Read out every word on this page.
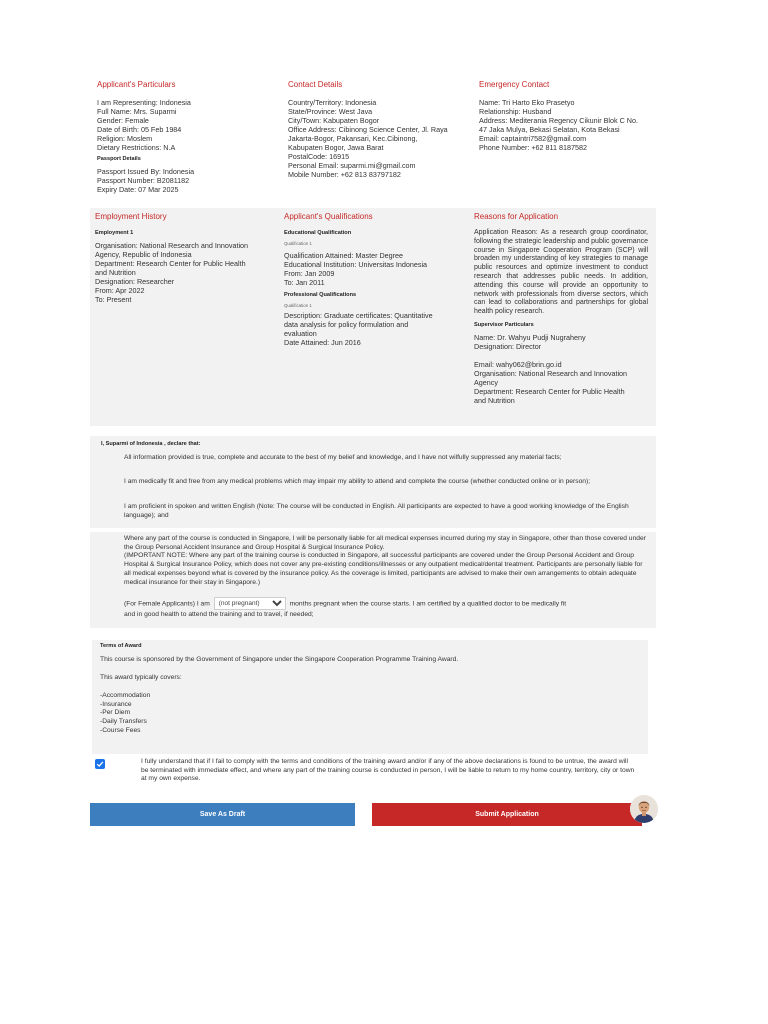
Applicant's Particulars
I am Representing: Indonesia
Full Name: Mrs. Suparmi
Gender: Female
Date of Birth: 05 Feb 1984
Religion: Moslem
Dietary Restrictions: N.A
Passport Details
Passport Issued By: Indonesia
Passport Number: B2081182
Expiry Date: 07 Mar 2025
Contact Details
Country/Territory: Indonesia
State/Province: West Java
City/Town: Kabupaten Bogor
Office Address: Cibinong Science Center, Jl. Raya
Jakarta-Bogor, Pakansari, Kec.Cibinong,
Kabupaten Bogor, Jawa Barat
PostalCode: 16915
Personal Email: suparmi.mi@gmail.com
Mobile Number: +62 813 83797182
Emergency Contact
Name: Tri Harto Eko Prasetyo
Relationship: Husband
Address: Mediterania Regency Cikunir Blok C No.
47 Jaka Mulya, Bekasi Selatan, Kota Bekasi
Email: captaintri7582@gmail.com
Phone Number: +62 811 8187582
Employment History
Employment 1
Organisation: National Research and Innovation
Agency, Republic of Indonesia
Department: Research Center for Public Health
and Nutrition
Designation: Researcher
From: Apr 2022
To: Present
Applicant's Qualifications
Educational Qualification
Qualification 1
Qualification Attained: Master Degree
Educational Institution: Universitas Indonesia
From: Jan 2009
To: Jan 2011
Professional Qualifications
Qualification 1
Description: Graduate certificates: Quantitative
data analysis for policy formulation and
evaluation
Date Attained: Jun 2016
Reasons for Application
Application Reason: As a research group coordinator, following the strategic leadership and public governance course in Singapore Cooperation Program (SCP) will broaden my understanding of key strategies to manage public resources and optimize investment to conduct research that addresses public needs. In addition, attending this course will provide an opportunity to network with professionals from diverse sectors, which can lead to collaborations and partnerships for global health policy research.
Supervisor Particulars
Name: Dr. Wahyu Pudji Nugraheny
Designation: Director
Email: wahy062@brin.go.id
Organisation: National Research and Innovation
Agency
Department: Research Center for Public Health
and Nutrition
I, Suparmi of Indonesia , declare that:
All information provided is true, complete and accurate to the best of my belief and knowledge, and I have not wilfully suppressed any material facts;
I am medically fit and free from any medical problems which may impair my ability to attend and complete the course (whether conducted online or in person);
I am proficient in spoken and written English (Note: The course will be conducted in English. All participants are expected to have a good working knowledge of the English language); and
Where any part of the course is conducted in Singapore, I will be personally liable for all medical expenses incurred during my stay in Singapore, other than those covered under the Group Personal Accident Insurance and Group Hospital & Surgical Insurance Policy.
(IMPORTANT NOTE: Where any part of the training course is conducted in Singapore, all successful participants are covered under the Group Personal Accident and Group Hospital & Surgical Insurance Policy, which does not cover any pre-existing conditions/illnesses or any outpatient medical/dental treatment. Participants are personally liable for all medical expenses beyond what is covered by the insurance policy. As the coverage is limited, participants are advised to make their own arrangements to obtain adequate medical insurance for their stay in Singapore.)
(For Female Applicants) I am
(not pregnant)	months pregnant when the course starts. I am certified by a qualified doctor to be medically fit
and in good health to attend the training and to travel, if needed;
Terms of Award
This course is sponsored by the Government of Singapore under the Singapore Cooperation Programme Training Award.
This award typically covers:
-Accommodation
-Insurance
-Per Diem
-Daily Transfers
-Course Fees
I fully understand that if I fail to comply with the terms and conditions of the training award and/or if any of the above declarations is found to be untrue, the award will be terminated with immediate effect, and where any part of the training course is conducted in person, I will be liable to return to my home country, territory, city or town at my own expense.
Save As Draft	Submit Application
